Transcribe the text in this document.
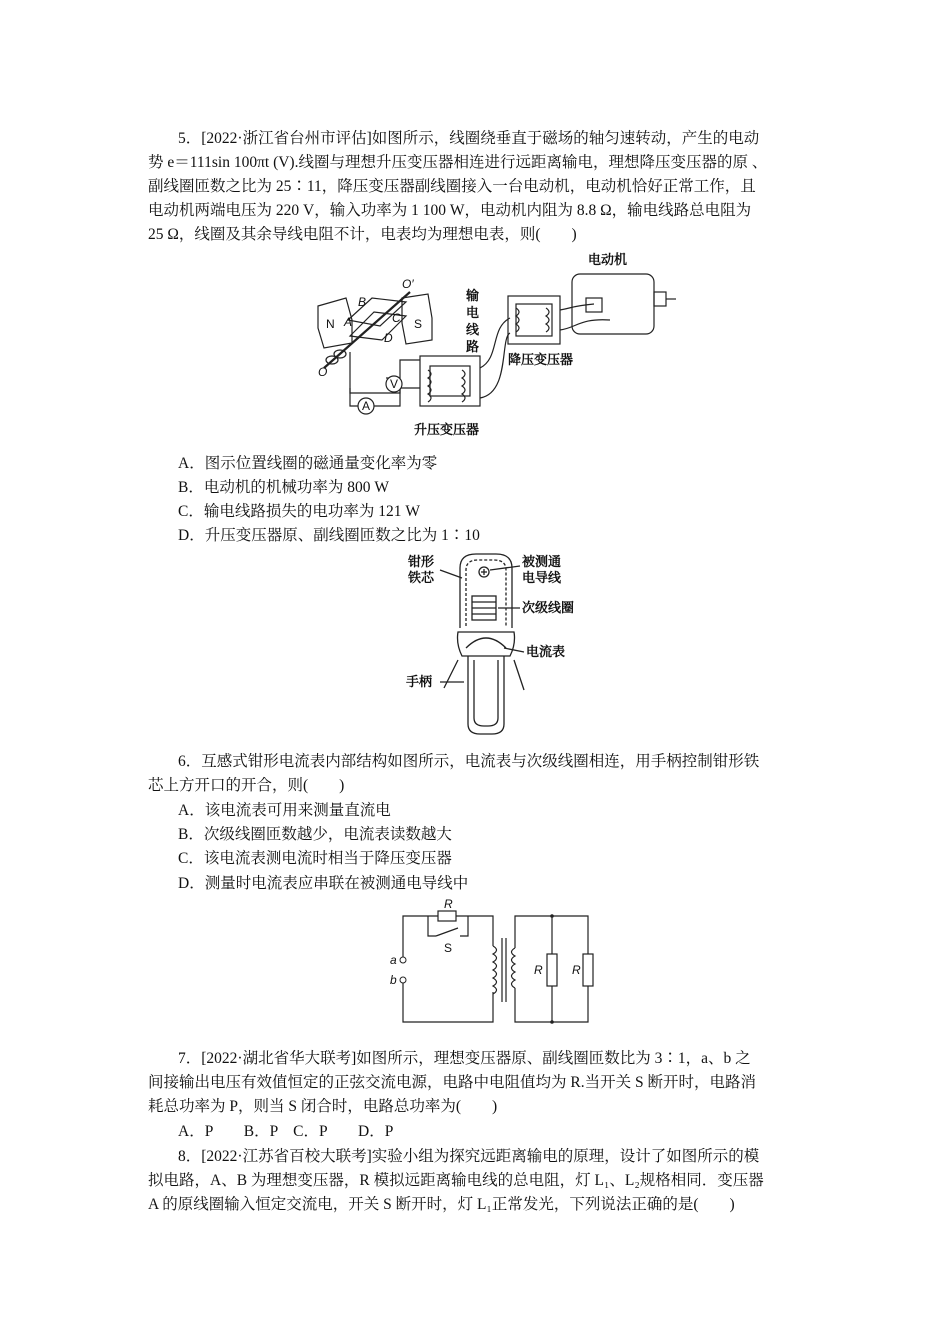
5．[2022·浙江省台州市评估]如图所示，线圈绕垂直于磁场的轴匀速转动，产生的电动
势 e＝111sin 100πt (V).线圈与理想升压变压器相连进行远距离输电，理想降压变压器的原 、
副线圈匝数之比为 25∶11，降压变压器副线圈接入一台电动机，电动机恰好正常工作，且
电动机两端电压为 220 V，输入功率为 1 100 W，电动机内阻为 8.8 Ω，输电线路总电阻为
25 Ω，线圈及其余导线电阻不计，电表均为理想电表，则(　　)
V
A
N	S
A
B
C
D
O
O′
电动机
输
电
线
路
降压变压器
升压变压器
A．图示位置线圈的磁通量变化率为零
B．电动机的机械功率为 800 W
C．输电线路损失的电功率为 121 W
D．升压变压器原、副线圈匝数之比为 1∶10
钳形
铁芯
被测通
电导线
次级线圈
电流表
手柄
6．互感式钳形电流表内部结构如图所示，电流表与次级线圈相连，用手柄控制钳形铁
芯上方开口的开合，则(　　)
A．该电流表可用来测量直流电
B．次级线圈匝数越少，电流表读数越大
C．该电流表测电流时相当于降压变压器
D．测量时电流表应串联在被测通电导线中
R
S
a
b
R R
7．[2022·湖北省华大联考]如图所示，理想变压器原、副线圈匝数比为 3∶1，a、b 之
间接输出电压有效值恒定的正弦交流电源，电路中电阻值均为 R.当开关 S 断开时，电路消
耗总功率为 P，则当 S 闭合时，电路总功率为(　　)
A．P　　B．P　C．P　　D．P
8．[2022·江苏省百校大联考]实验小组为探究远距离输电的原理，设计了如图所示的模
拟电路，A、B 为理想变压器，R 模拟远距离输电线的总电阻，灯 L₁、L₂规格相同．变压器
A 的原线圈输入恒定交流电，开关 S 断开时，灯 L₁正常发光，下列说法正确的是(　　)
